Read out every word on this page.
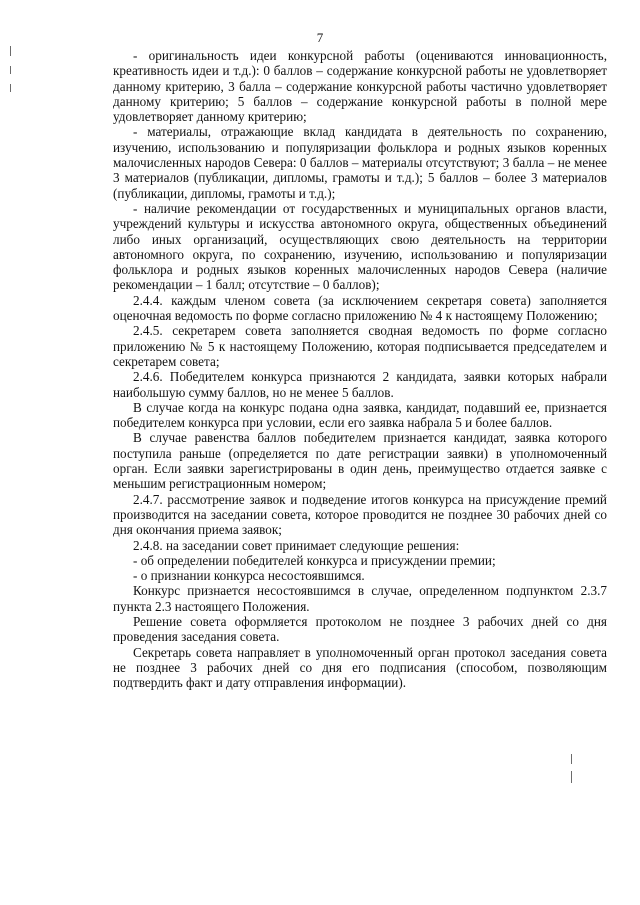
7

- оригинальность идеи конкурсной работы (оцениваются инновационность, креативность идеи и т.д.): 0 баллов – содержание конкурсной работы не удовлетворяет данному критерию, 3 балла – содержание конкурсной работы частично удовлетворяет данному критерию; 5 баллов – содержание конкурсной работы в полной мере удовлетворяет данному критерию;

- материалы, отражающие вклад кандидата в деятельность по сохранению, изучению, использованию и популяризации фольклора и родных языков коренных малочисленных народов Севера: 0 баллов – материалы отсутствуют; 3 балла – не менее 3 материалов (публикации, дипломы, грамоты и т.д.); 5 баллов – более 3 материалов (публикации, дипломы, грамоты и т.д.);

- наличие рекомендации от государственных и муниципальных органов власти, учреждений культуры и искусства автономного округа, общественных объединений либо иных организаций, осуществляющих свою деятельность на территории автономного округа, по сохранению, изучению, использованию и популяризации фольклора и родных языков коренных малочисленных народов Севера (наличие рекомендации – 1 балл; отсутствие – 0 баллов);

2.4.4. каждым членом совета (за исключением секретаря совета) заполняется оценочная ведомость по форме согласно приложению № 4 к настоящему Положению;

2.4.5. секретарем совета заполняется сводная ведомость по форме согласно приложению № 5 к настоящему Положению, которая подписывается председателем и секретарем совета;

2.4.6. Победителем конкурса признаются 2 кандидата, заявки которых набрали наибольшую сумму баллов, но не менее 5 баллов.

В случае когда на конкурс подана одна заявка, кандидат, подавший ее, признается победителем конкурса при условии, если его заявка набрала 5 и более баллов.

В случае равенства баллов победителем признается кандидат, заявка которого поступила раньше (определяется по дате регистрации заявки) в уполномоченный орган. Если заявки зарегистрированы в один день, преимущество отдается заявке с меньшим регистрационным номером;

2.4.7. рассмотрение заявок и подведение итогов конкурса на присуждение премий производится на заседании совета, которое проводится не позднее 30 рабочих дней со дня окончания приема заявок;

2.4.8. на заседании совет принимает следующие решения:

- об определении победителей конкурса и присуждении премии;

- о признании конкурса несостоявшимся.

Конкурс признается несостоявшимся в случае, определенном подпунктом 2.3.7 пункта 2.3 настоящего Положения.

Решение совета оформляется протоколом не позднее 3 рабочих дней со дня проведения заседания совета.

Секретарь совета направляет в уполномоченный орган протокол заседания совета не позднее 3 рабочих дней со дня его подписания (способом, позволяющим подтвердить факт и дату отправления информации).
